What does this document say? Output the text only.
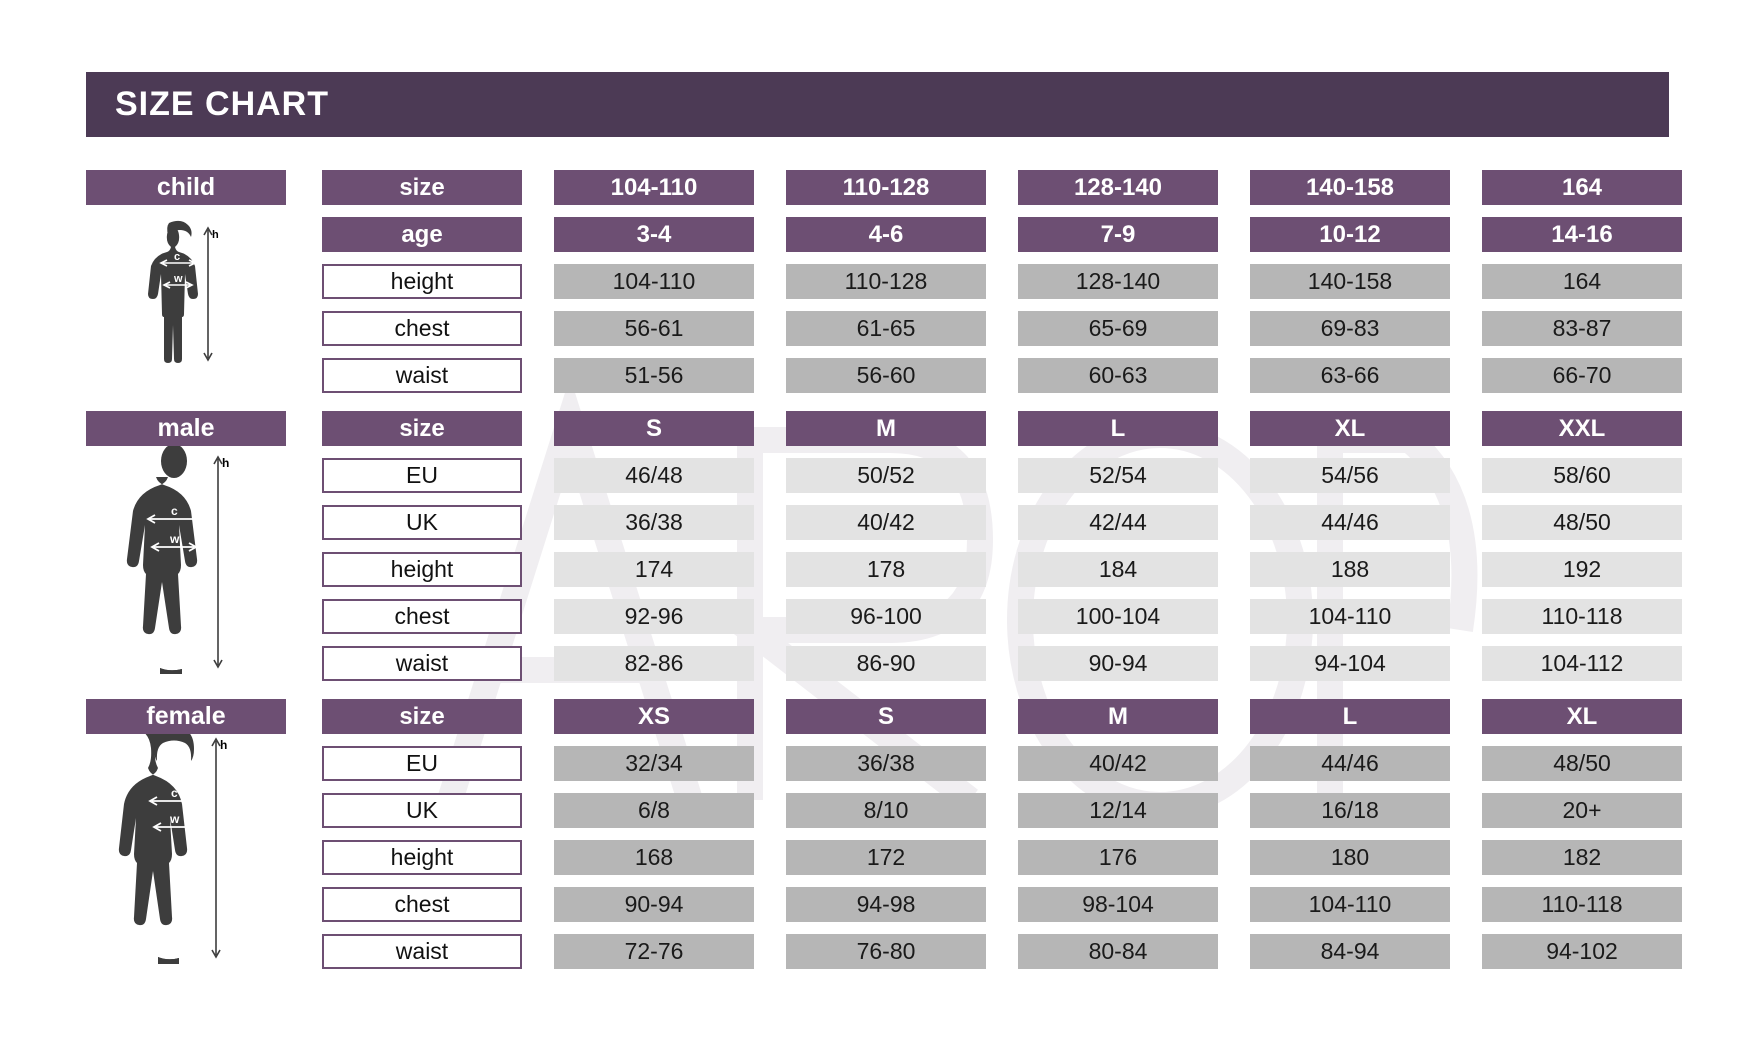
SIZE CHART
h
c
w
h
c
w
h
c
w
child	size	104-110	110-128	128-140	140-158	164
age	3-4	4-6	7-9	10-12	14-16
height	104-110	110-128	128-140	140-158	164
chest	56-61	61-65	65-69	69-83	83-87
waist	51-56	56-60	60-63	63-66	66-70
male	size	S	M	L	XL	XXL
EU	46/48	50/52	52/54	54/56	58/60
UK	36/38	40/42	42/44	44/46	48/50
height	174	178	184	188	192
chest	92-96	96-100	100-104	104-110	110-118
waist	82-86	86-90	90-94	94-104	104-112
female	size	XS	S	M	L	XL
EU	32/34	36/38	40/42	44/46	48/50
UK	6/8	8/10	12/14	16/18	20+
height	168	172	176	180	182
chest	90-94	94-98	98-104	104-110	110-118
waist	72-76	76-80	80-84	84-94	94-102
